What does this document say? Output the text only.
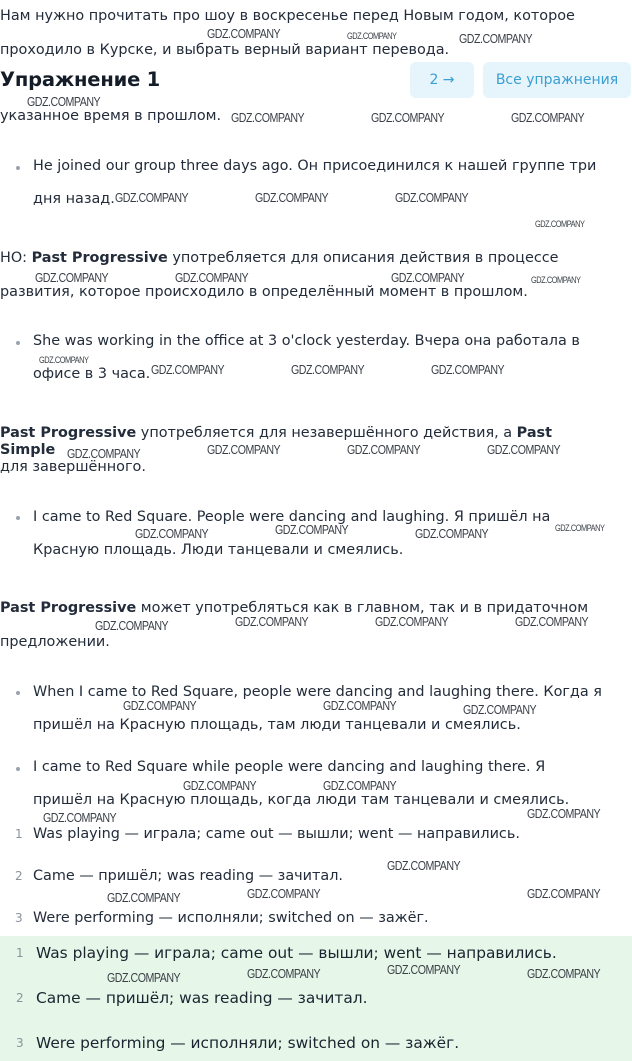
Нам нужно прочитать про шоу в воскресенье перед Новым годом, которое
проходило в Курске, и выбрать верный вариант перевода.
Упражнение 1	2 →	Все упражнения
указанное время в прошлом.
He joined our group three days ago. Он присоединился к нашей группе три
дня назад.
НО: Past Progressive употребляется для описания действия в процессе
развития, которое происходило в определённый момент в прошлом.
She was working in the office at 3 o'clock yesterday. Вчера она работала в
офисе в 3 часа.
Past Progressive употребляется для незавершённого действия, а Past Simple
для завершённого.
I came to Red Square. People were dancing and laughing. Я пришёл на
Красную площадь. Люди танцевали и смеялись.
Past Progressive может употребляться как в главном, так и в придаточном
предложении.
When I came to Red Square, people were dancing and laughing there. Когда я
пришёл на Красную площадь, там люди танцевали и смеялись.
I came to Red Square while people were dancing and laughing there. Я
пришёл на Красную площадь, когда люди там танцевали и смеялись.
1 Was playing — играла; came out — вышли; went — направились.
2 Came — пришёл; was reading — зачитал.
3 Were performing — исполняли; switched on — зажёг.
1 Was playing — играла; came out — вышли; went — направились.
2 Came — пришёл; was reading — зачитал.
3 Were performing — исполняли; switched on — зажёг.
GDZ.COMPANY	GDZ.COMPANY	GDZ.COMPANY
GDZ.COMPANY
GDZ.COMPANY	GDZ.COMPANY	GDZ.COMPANY
GDZ.COMPANY	GDZ.COMPANY	GDZ.COMPANY
GDZ.COMPANY
GDZ.COMPANY	GDZ.COMPANY	GDZ.COMPANY	GDZ.COMPANY
GDZ.COMPANY
GDZ.COMPANY	GDZ.COMPANY	GDZ.COMPANY
GDZ.COMPANY	GDZ.COMPANY	GDZ.COMPANY	GDZ.COMPANY
GDZ.COMPANY	GDZ.COMPANY	GDZ.COMPANY	GDZ.COMPANY
GDZ.COMPANY	GDZ.COMPANY	GDZ.COMPANY	GDZ.COMPANY
GDZ.COMPANY	GDZ.COMPANY	GDZ.COMPANY
GDZ.COMPANY	GDZ.COMPANY
GDZ.COMPANY	GDZ.COMPANY
GDZ.COMPANY
GDZ.COMPANY	GDZ.COMPANY	GDZ.COMPANY
GDZ.COMPANY	GDZ.COMPANY	GDZ.COMPANY	GDZ.COMPANY
